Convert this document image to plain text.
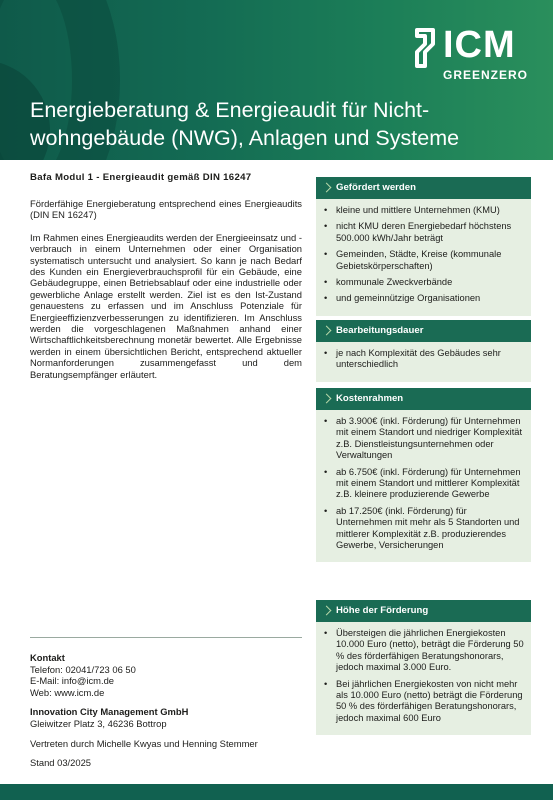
ICM
GREENZERO
Energieberatung & Energieaudit für Nicht-wohngebäude (NWG), Anlagen und Systeme
Bafa Modul 1 - Energieaudit gemäß DIN 16247

Förderfähige Energieberatung entsprechend eines Energieaudits (DIN EN 16247)

Im Rahmen eines Energieaudits werden der Energieeinsatz und -verbrauch in einem Unternehmen oder einer Organisation systematisch untersucht und analysiert. So kann je nach Bedarf des Kunden ein Energieverbrauchsprofil für ein Gebäude, eine Gebäudegruppe, einen Betriebsablauf oder eine industrielle oder gewerbliche Anlage erstellt werden. Ziel ist es den Ist-Zustand genauestens zu erfassen und im Anschluss Potenziale für Energieeffizienzverbesserungen zu identifizieren. Im Anschluss werden die vorgeschlagenen Maßnahmen anhand einer Wirtschaftlichkeitsberechnung monetär bewertet. Alle Ergebnisse werden in einem übersichtlichen Bericht, entsprechend aktueller Normanforderungen zusammengefasst und dem Beratungsempfänger erläutert.

Kontakt
Telefon: 02041/723 06 50
E-Mail: info@icm.de
Web: www.icm.de
Innovation City Management GmbH
Gleiwitzer Platz 3, 46236 Bottrop
Vertreten durch Michelle Kwyas und Henning Stemmer
Stand 03/2025
Gefördert werden
• kleine und mittlere Unternehmen (KMU)
• nicht KMU deren Energiebedarf höchstens 500.000 kWh/Jahr beträgt
• Gemeinden, Städte, Kreise (kommunale Gebietskörperschaften)
• kommunale Zweckverbände
• und gemeinnützige Organisationen
Bearbeitungsdauer
• je nach Komplexität des Gebäudes sehr unterschiedlich
Kostenrahmen
• ab 3.900€ (inkl. Förderung) für Unternehmen mit einem Standort und niedriger Komplexität z.B. Dienstleistungsunternehmen oder Verwaltungen
• ab 6.750€ (inkl. Förderung) für Unternehmen mit einem Standort und mittlerer Komplexität z.B. kleinere produzierende Gewerbe
• ab 17.250€ (inkl. Förderung) für Unternehmen mit mehr als 5 Standorten und mittlerer Komplexität z.B. produzierendes Gewerbe, Versicherungen
Höhe der Förderung
• Übersteigen die jährlichen Energiekosten 10.000 Euro (netto), beträgt die Förderung 50 % des förderfähigen Beratungshonorars, jedoch maximal 3.000 Euro.
• Bei jährlichen Energiekosten von nicht mehr als 10.000 Euro (netto) beträgt die Förderung 50 % des förderfähigen Beratungshonorars, jedoch maximal 600 Euro
